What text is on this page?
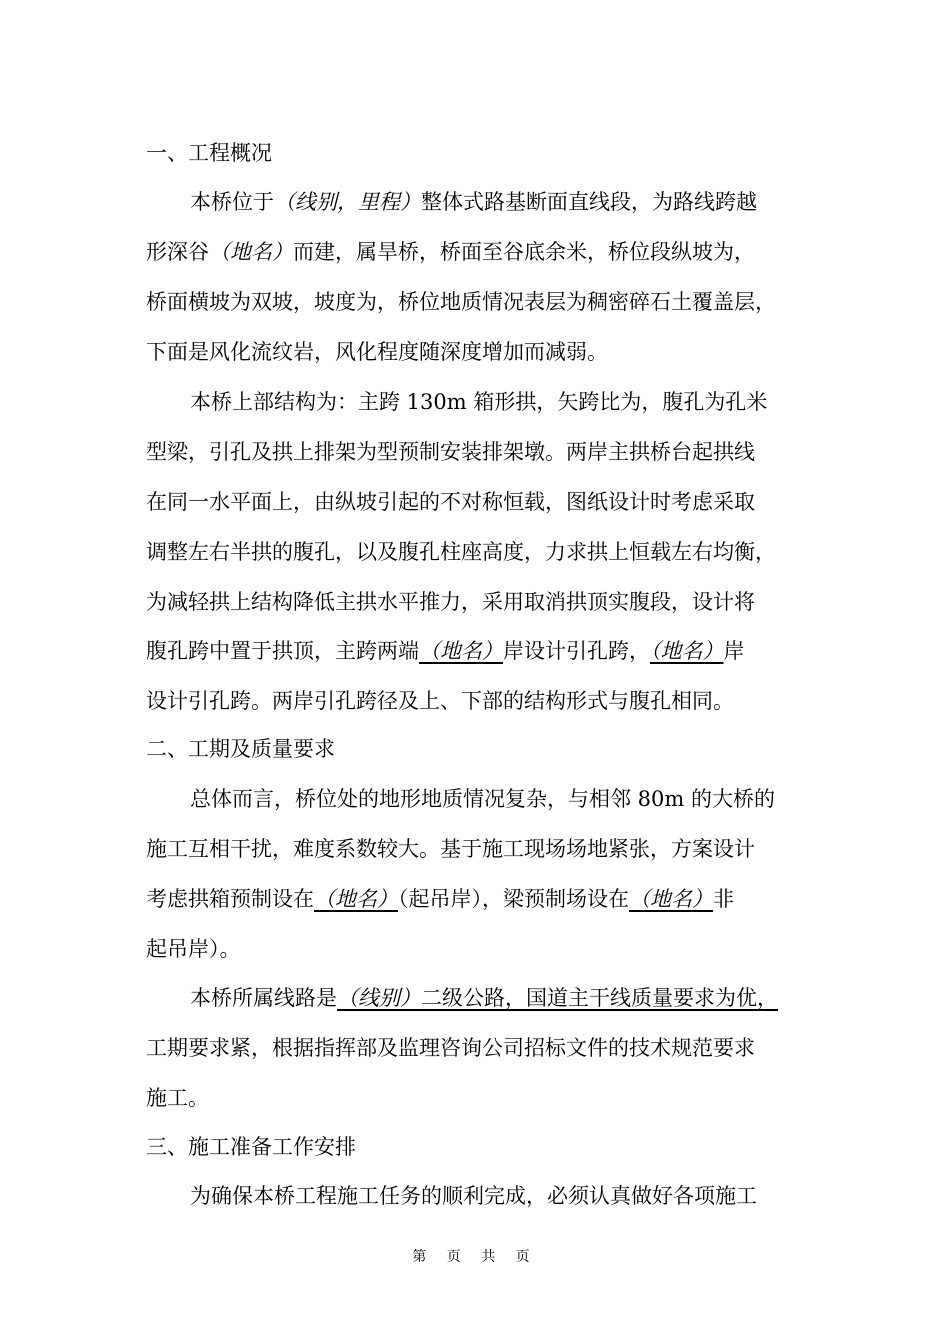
一、工程概况
本桥位于（线别，里程）整体式路基断面直线段，为路线跨越
形深谷（地名）而建，属旱桥，桥面至谷底余米，桥位段纵坡为，
桥面横坡为双坡，坡度为，桥位地质情况表层为稠密碎石土覆盖层，
下面是风化流纹岩，风化程度随深度增加而减弱。
本桥上部结构为：主跨 130m 箱形拱，矢跨比为，腹孔为孔米
型梁，引孔及拱上排架为型预制安装排架墩。两岸主拱桥台起拱线
在同一水平面上，由纵坡引起的不对称恒载，图纸设计时考虑采取
调整左右半拱的腹孔，以及腹孔柱座高度，力求拱上恒载左右均衡，
为减轻拱上结构降低主拱水平推力，采用取消拱顶实腹段，设计将
腹孔跨中置于拱顶，主跨两端（地名）岸设计引孔跨，（地名）岸
设计引孔跨。两岸引孔跨径及上、下部的结构形式与腹孔相同。
二、工期及质量要求
总体而言，桥位处的地形地质情况复杂，与相邻 80m 的大桥的
施工互相干扰，难度系数较大。基于施工现场场地紧张，方案设计
考虑拱箱预制设在（地名）（起吊岸），梁预制场设在（地名）非
起吊岸）。
本桥所属线路是（线别）二级公路，国道主干线质量要求为优，
工期要求紧，根据指挥部及监理咨询公司招标文件的技术规范要求
施工。
三、施工准备工作安排
为确保本桥工程施工任务的顺利完成，必须认真做好各项施工
第 页 共 页
